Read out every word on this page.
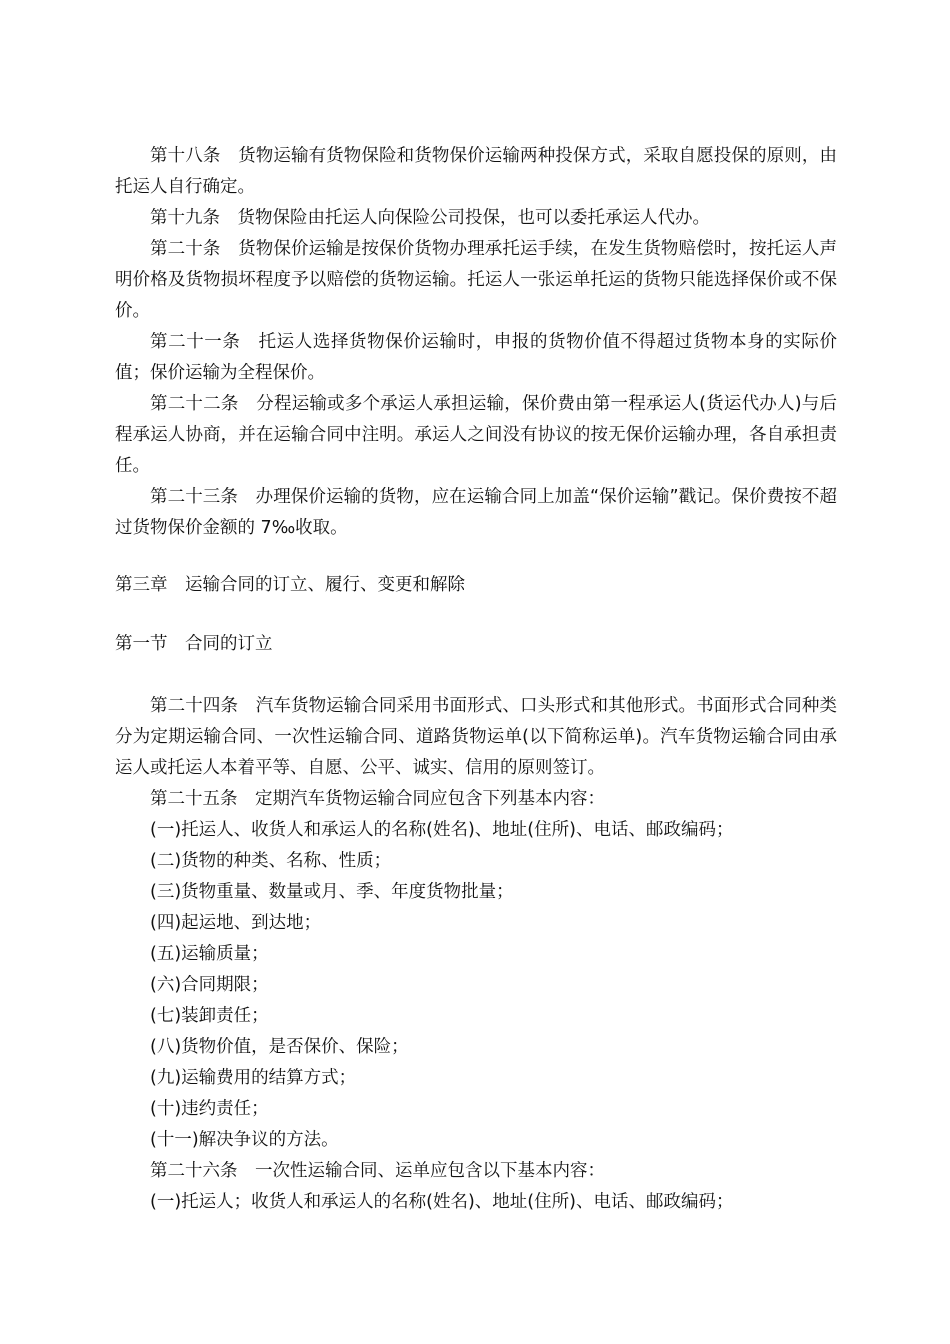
第十八条　货物运输有货物保险和货物保价运输两种投保方式，采取自愿投保的原则，由托运人自行确定。

第十九条　货物保险由托运人向保险公司投保，也可以委托承运人代办。

第二十条　货物保价运输是按保价货物办理承托运手续，在发生货物赔偿时，按托运人声明价格及货物损坏程度予以赔偿的货物运输。托运人一张运单托运的货物只能选择保价或不保价。

第二十一条　托运人选择货物保价运输时，申报的货物价值不得超过货物本身的实际价值；保价运输为全程保价。

第二十二条　分程运输或多个承运人承担运输，保价费由第一程承运人(货运代办人)与后程承运人协商，并在运输合同中注明。承运人之间没有协议的按无保价运输办理，各自承担责任。

第二十三条　办理保价运输的货物，应在运输合同上加盖“保价运输”戳记。保价费按不超过货物保价金额的 7‰收取。

第三章　运输合同的订立、履行、变更和解除

第一节　合同的订立

第二十四条　汽车货物运输合同采用书面形式、口头形式和其他形式。书面形式合同种类分为定期运输合同、一次性运输合同、道路货物运单(以下简称运单)。汽车货物运输合同由承运人或托运人本着平等、自愿、公平、诚实、信用的原则签订。

第二十五条　定期汽车货物运输合同应包含下列基本内容：

(一)托运人、收货人和承运人的名称(姓名)、地址(住所)、电话、邮政编码；

(二)货物的种类、名称、性质；

(三)货物重量、数量或月、季、年度货物批量；

(四)起运地、到达地；

(五)运输质量；

(六)合同期限；

(七)装卸责任；

(八)货物价值，是否保价、保险；

(九)运输费用的结算方式；

(十)违约责任；

(十一)解决争议的方法。

第二十六条　一次性运输合同、运单应包含以下基本内容：

(一)托运人；收货人和承运人的名称(姓名)、地址(住所)、电话、邮政编码；
